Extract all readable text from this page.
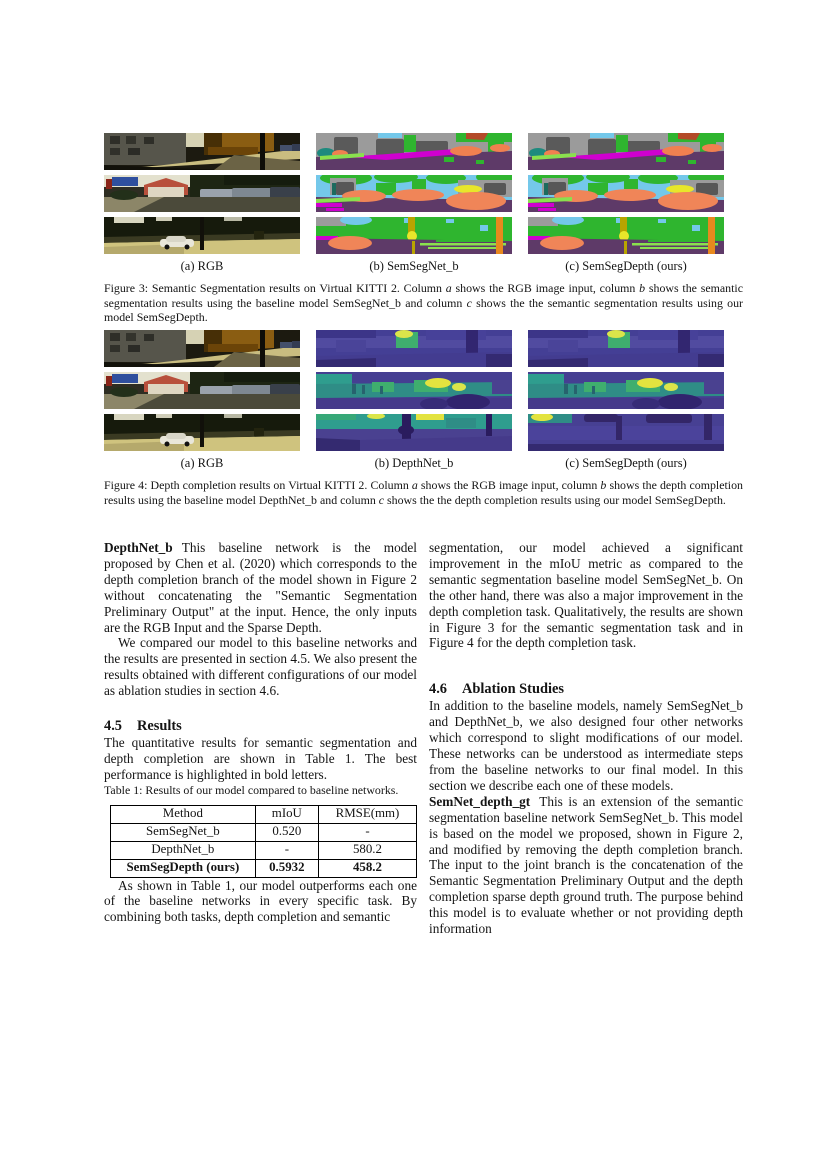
(a) RGB	(b) SemSegNet_b	(c) SemSegDepth (ours)

Figure 3: Semantic Segmentation results on Virtual KITTI 2. Column a shows the RGB image input, column b shows the semantic segmentation results using the baseline model SemSegNet_b and column c shows the the semantic segmentation results using our model SemSegDepth.

(a) RGB	(b) DepthNet_b	(c) SemSegDepth (ours)

Figure 4: Depth completion results on Virtual KITTI 2. Column a shows the RGB image input, column b shows the depth completion results using the baseline model DepthNet_b and column c shows the the depth completion results using our model SemSegDepth.

DepthNet_b This baseline network is the model proposed by Chen et al. (2020) which corresponds to the depth completion branch of the model shown in Figure 2 without concatenating the "Semantic Segmentation Preliminary Output" at the input. Hence, the only inputs are the RGB Input and the Sparse Depth.

We compared our model to this baseline networks and the results are presented in section 4.5. We also present the results obtained with different configurations of our model as ablation studies in section 4.6.

4.5 Results

The quantitative results for semantic segmentation and depth completion are shown in Table 1. The best performance is highlighted in bold letters.

Table 1: Results of our model compared to baseline networks.

Method	mIoU	RMSE(mm)
SemSegNet_b	0.520	-
DepthNet_b	-	580.2
SemSegDepth (ours)	0.5932	458.2

As shown in Table 1, our model outperforms each one of the baseline networks in every specific task. By combining both tasks, depth completion and semantic

segmentation, our model achieved a significant improvement in the mIoU metric as compared to the semantic segmentation baseline model SemSegNet_b. On the other hand, there was also a major improvement in the depth completion task. Qualitatively, the results are shown in Figure 3 for the semantic segmentation task and in Figure 4 for the depth completion task.

4.6 Ablation Studies

In addition to the baseline models, namely SemSegNet_b and DepthNet_b, we also designed four other networks which correspond to slight modifications of our model. These networks can be understood as intermediate steps from the baseline networks to our final model. In this section we describe each one of these models.

SemNet_depth_gt This is an extension of the semantic segmentation baseline network SemSegNet_b. This model is based on the model we proposed, shown in Figure 2, and modified by removing the depth completion branch. The input to the joint branch is the concatenation of the Semantic Segmentation Preliminary Output and the depth completion sparse depth ground truth. The purpose behind this model is to evaluate whether or not providing depth information
